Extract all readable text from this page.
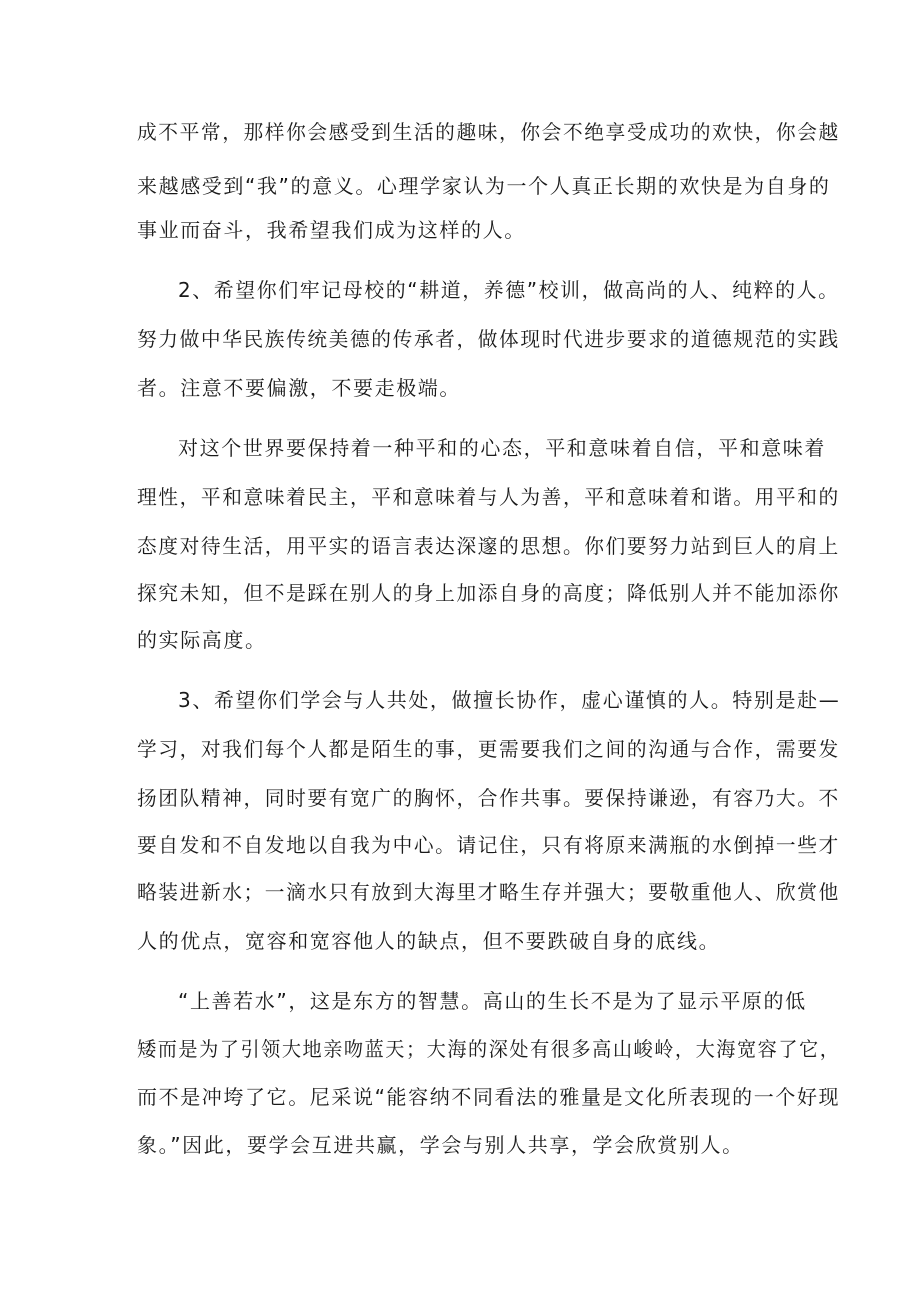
成不平常，那样你会感受到生活的趣味，你会不绝享受成功的欢快，你会越
来越感受到“我”的意义。心理学家认为一个人真正长期的欢快是为自身的
事业而奋斗，我希望我们成为这样的人。
2、希望你们牢记母校的“耕道，养德”校训，做高尚的人、纯粹的人。
努力做中华民族传统美德的传承者，做体现时代进步要求的道德规范的实践
者。注意不要偏激，不要走极端。
对这个世界要保持着一种平和的心态，平和意味着自信，平和意味着
理性，平和意味着民主，平和意味着与人为善，平和意味着和谐。用平和的
态度对待生活，用平实的语言表达深邃的思想。你们要努力站到巨人的肩上
探究未知，但不是踩在别人的身上加添自身的高度；降低别人并不能加添你
的实际高度。
3、希望你们学会与人共处，做擅长协作，虚心谨慎的人。特别是赴—
学习，对我们每个人都是陌生的事，更需要我们之间的沟通与合作，需要发
扬团队精神，同时要有宽广的胸怀，合作共事。要保持谦逊，有容乃大。不
要自发和不自发地以自我为中心。请记住，只有将原来满瓶的水倒掉一些才
略装进新水；一滴水只有放到大海里才略生存并强大；要敬重他人、欣赏他
人的优点，宽容和宽容他人的缺点，但不要跌破自身的底线。
“上善若水”，这是东方的智慧。高山的生长不是为了显示平原的低
矮而是为了引领大地亲吻蓝天；大海的深处有很多高山峻岭，大海宽容了它，
而不是冲垮了它。尼采说“能容纳不同看法的雅量是文化所表现的一个好现
象。”因此，要学会互进共赢，学会与别人共享，学会欣赏别人。
